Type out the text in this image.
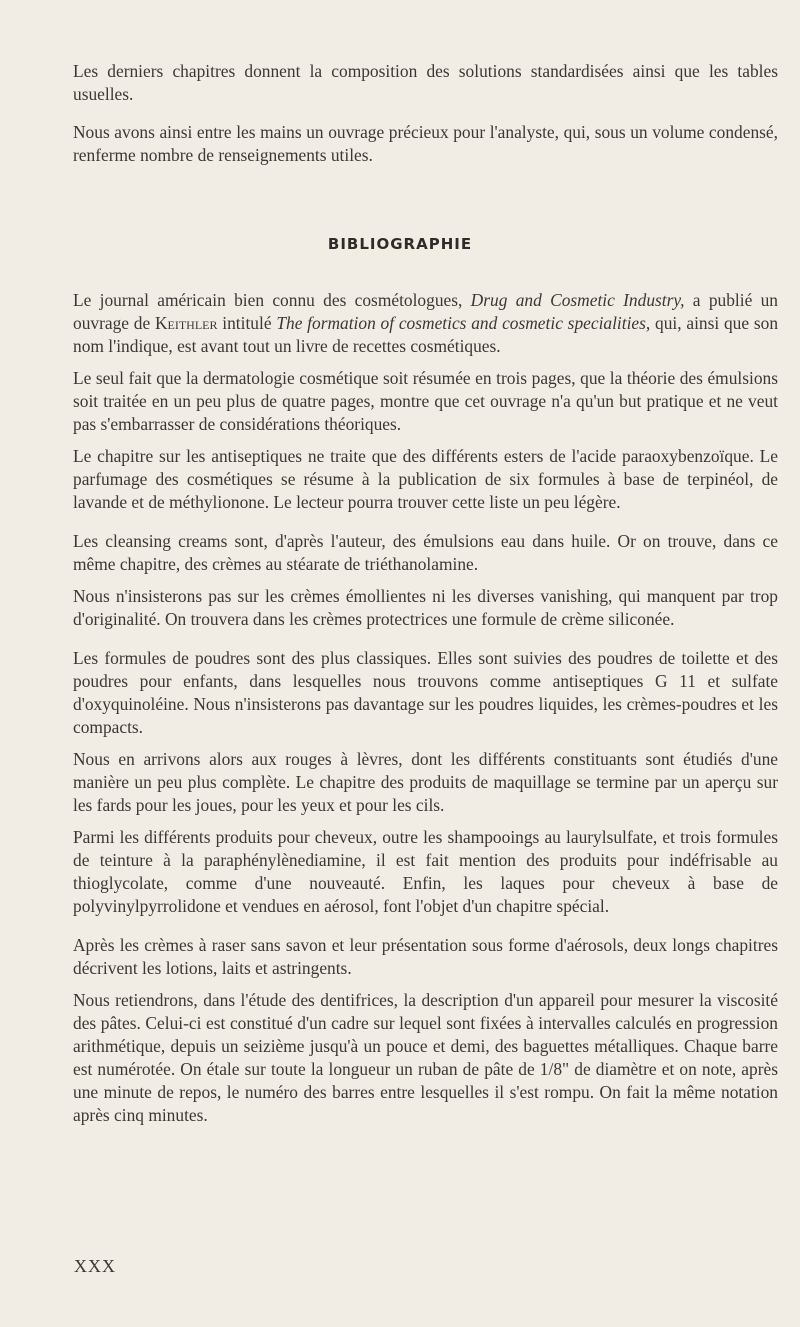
Les derniers chapitres donnent la composition des solutions standardisées ainsi que les tables usuelles.

Nous avons ainsi entre les mains un ouvrage précieux pour l'analyste, qui, sous un volume condensé, renferme nombre de renseignements utiles.

BIBLIOGRAPHIE

Le journal américain bien connu des cosmétologues, Drug and Cosmetic Industry, a publié un ouvrage de Keithler intitulé The formation of cosmetics and cosmetic specialities, qui, ainsi que son nom l'indique, est avant tout un livre de recettes cosmétiques.

Le seul fait que la dermatologie cosmétique soit résumée en trois pages, que la théorie des émulsions soit traitée en un peu plus de quatre pages, montre que cet ouvrage n'a qu'un but pratique et ne veut pas s'embarrasser de considérations théoriques.

Le chapitre sur les antiseptiques ne traite que des différents esters de l'acide paraoxybenzoïque. Le parfumage des cosmétiques se résume à la publication de six formules à base de terpinéol, de lavande et de méthylionone. Le lecteur pourra trouver cette liste un peu légère.

Les cleansing creams sont, d'après l'auteur, des émulsions eau dans huile. Or on trouve, dans ce même chapitre, des crèmes au stéarate de triéthanolamine.

Nous n'insisterons pas sur les crèmes émollientes ni les diverses vanishing, qui manquent par trop d'originalité. On trouvera dans les crèmes protectrices une formule de crème siliconée.

Les formules de poudres sont des plus classiques. Elles sont suivies des poudres de toilette et des poudres pour enfants, dans lesquelles nous trouvons comme antiseptiques G 11 et sulfate d'oxyquinoléine. Nous n'insisterons pas davantage sur les poudres liquides, les crèmes-poudres et les compacts.

Nous en arrivons alors aux rouges à lèvres, dont les différents constituants sont étudiés d'une manière un peu plus complète. Le chapitre des produits de maquillage se termine par un aperçu sur les fards pour les joues, pour les yeux et pour les cils.

Parmi les différents produits pour cheveux, outre les shampooings au laurylsulfate, et trois formules de teinture à la paraphénylènediamine, il est fait mention des produits pour indéfrisable au thioglycolate, comme d'une nouveauté. Enfin, les laques pour cheveux à base de polyvinylpyrrolidone et vendues en aérosol, font l'objet d'un chapitre spécial.

Après les crèmes à raser sans savon et leur présentation sous forme d'aérosols, deux longs chapitres décrivent les lotions, laits et astringents.

Nous retiendrons, dans l'étude des dentifrices, la description d'un appareil pour mesurer la viscosité des pâtes. Celui-ci est constitué d'un cadre sur lequel sont fixées à intervalles calculés en progression arithmétique, depuis un seizième jusqu'à un pouce et demi, des baguettes métalliques. Chaque barre est numérotée. On étale sur toute la longueur un ruban de pâte de 1/8" de diamètre et on note, après une minute de repos, le numéro des barres entre lesquelles il s'est rompu. On fait la même notation après cinq minutes.

XXX
